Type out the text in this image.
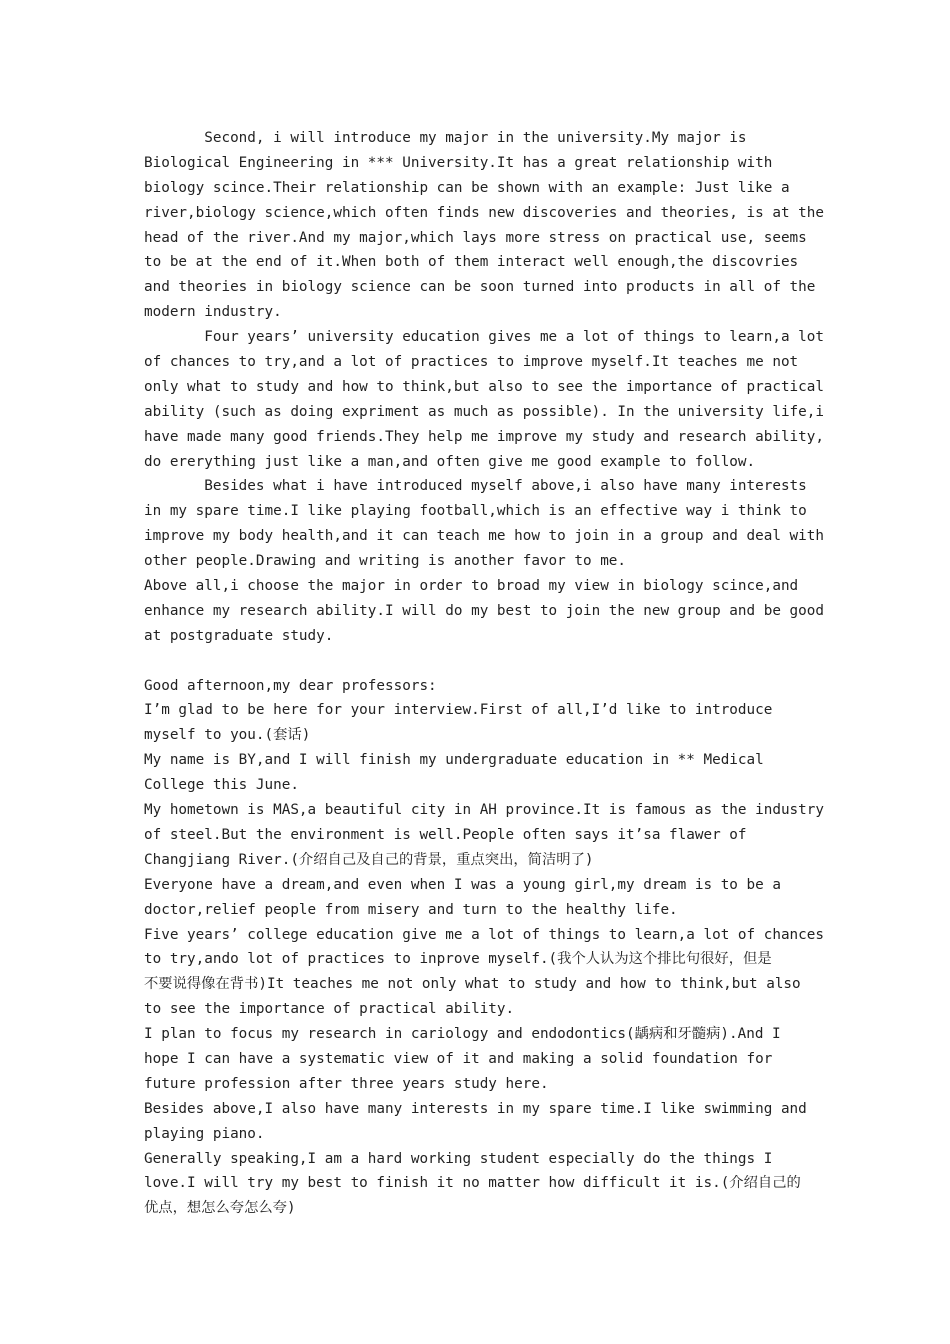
Second, i will introduce my major in the university.My major is
Biological Engineering in *** University.It has a great relationship with
biology scince.Their relationship can be shown with an example: Just like a
river,biology science,which often finds new discoveries and theories, is at the
head of the river.And my major,which lays more stress on practical use, seems
to be at the end of it.When both of them interact well enough,the discovries
and theories in biology science can be soon turned into products in all of the
modern industry.
Four years’ university education gives me a lot of things to learn,a lot
of chances to try,and a lot of practices to improve myself.It teaches me not
only what to study and how to think,but also to see the importance of practical
ability (such as doing expriment as much as possible). In the university life,i
have made many good friends.They help me improve my study and research ability,
do ererything just like a man,and often give me good example to follow.
Besides what i have introduced myself above,i also have many interests
in my spare time.I like playing football,which is an effective way i think to
improve my body health,and it can teach me how to join in a group and deal with
other people.Drawing and writing is another favor to me.
Above all,i choose the major in order to broad my view in biology scince,and
enhance my research ability.I will do my best to join the new group and be good
at postgraduate study.
Good afternoon,my dear professors:
I’m glad to be here for your interview.First of all,I’d like to introduce
myself to you.(套话)
My name is BY,and I will finish my undergraduate education in ** Medical
College this June.
My hometown is MAS,a beautiful city in AH province.It is famous as the industry
of steel.But the environment is well.People often says it’sa flawer of
Changjiang River.(介绍自己及自己的背景，重点突出，简洁明了)
Everyone have a dream,and even when I was a young girl,my dream is to be a
doctor,relief people from misery and turn to the healthy life.
Five years’ college education give me a lot of things to learn,a lot of chances
to try,ando lot of practices to inprove myself.(我个人认为这个排比句很好，但是
不要说得像在背书)It teaches me not only what to study and how to think,but also
to see the importance of practical ability.
I plan to focus my research in cariology and endodontics(龋病和牙髓病).And I
hope I can have a systematic view of it and making a solid foundation for
future profession after three years study here.
Besides above,I also have many interests in my spare time.I like swimming and
playing piano.
Generally speaking,I am a hard working student especially do the things I
love.I will try my best to finish it no matter how difficult it is.(介绍自己的
优点，想怎么夸怎么夸)
